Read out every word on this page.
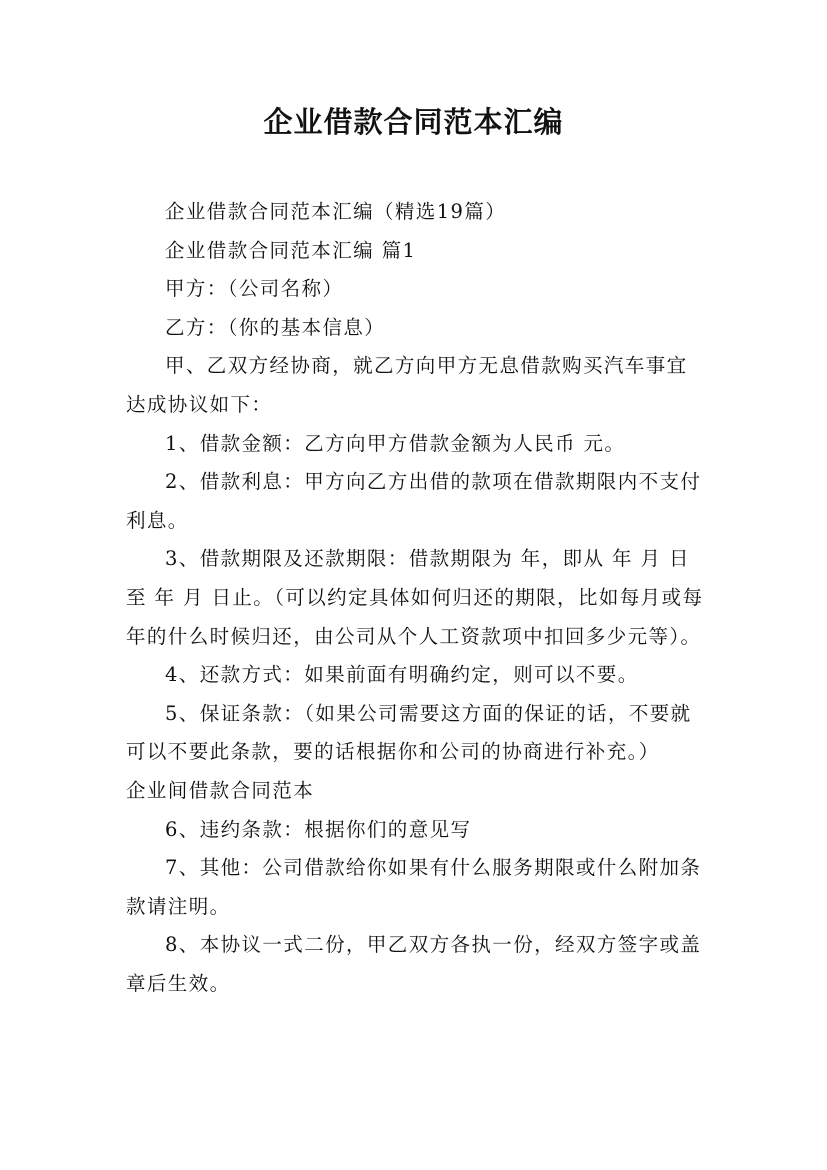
企业借款合同范本汇编

企业借款合同范本汇编（精选19篇）

企业借款合同范本汇编 篇1

甲方：（公司名称）

乙方：（你的基本信息）

甲、乙双方经协商，就乙方向甲方无息借款购买汽车事宜达成协议如下：

1、借款金额：乙方向甲方借款金额为人民币 元。

2、借款利息：甲方向乙方出借的款项在借款期限内不支付利息。

3、借款期限及还款期限：借款期限为 年，即从 年 月 日至 年 月 日止。（可以约定具体如何归还的期限，比如每月或每年的什么时候归还，由公司从个人工资款项中扣回多少元等）。

4、还款方式：如果前面有明确约定，则可以不要。

5、保证条款：（如果公司需要这方面的保证的话，不要就可以不要此条款，要的话根据你和公司的协商进行补充。）

企业间借款合同范本

6、违约条款：根据你们的意见写

7、其他：公司借款给你如果有什么服务期限或什么附加条款请注明。

8、本协议一式二份，甲乙双方各执一份，经双方签字或盖章后生效。
